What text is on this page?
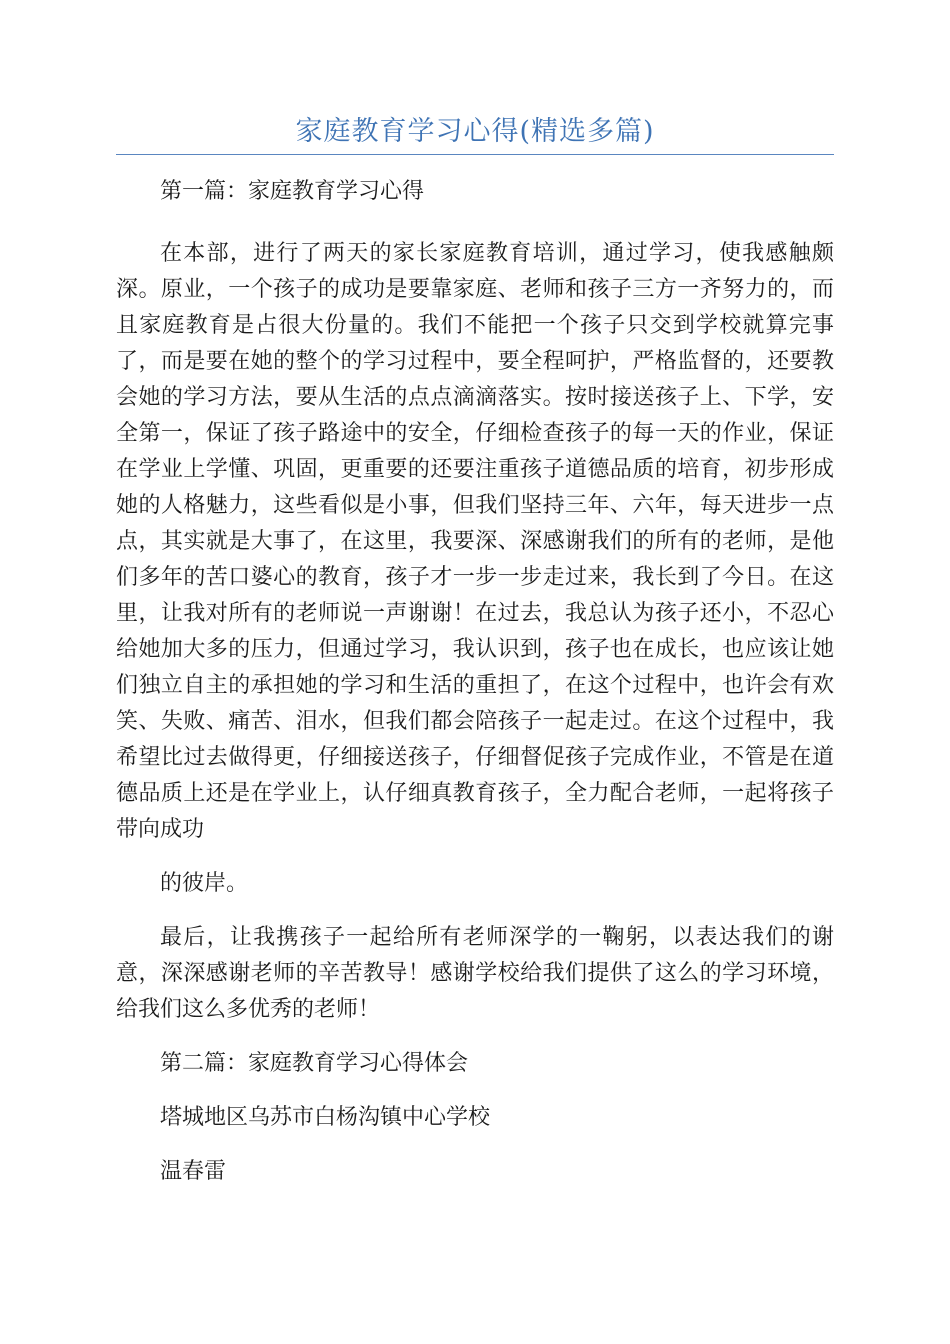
家庭教育学习心得(精选多篇)

第一篇：家庭教育学习心得

在本部，进行了两天的家长家庭教育培训，通过学习，使我感触颇深。原业，一个孩子的成功是要靠家庭、老师和孩子三方一齐努力的，而且家庭教育是占很大份量的。我们不能把一个孩子只交到学校就算完事了，而是要在她的整个的学习过程中，要全程呵护，严格监督的，还要教会她的学习方法，要从生活的点点滴滴落实。按时接送孩子上、下学，安全第一，保证了孩子路途中的安全，仔细检查孩子的每一天的作业，保证在学业上学懂、巩固，更重要的还要注重孩子道德品质的培育，初步形成她的人格魅力，这些看似是小事，但我们坚持三年、六年，每天进步一点点，其实就是大事了，在这里，我要深、深感谢我们的所有的老师，是他们多年的苦口婆心的教育，孩子才一步一步走过来，我长到了今日。在这里，让我对所有的老师说一声谢谢！在过去，我总认为孩子还小，不忍心给她加大多的压力，但通过学习，我认识到，孩子也在成长，也应该让她们独立自主的承担她的学习和生活的重担了，在这个过程中，也许会有欢笑、失败、痛苦、泪水，但我们都会陪孩子一起走过。在这个过程中，我希望比过去做得更，仔细接送孩子，仔细督促孩子完成作业，不管是在道德品质上还是在学业上，认仔细真教育孩子，全力配合老师，一起将孩子带向成功

的彼岸。

最后，让我携孩子一起给所有老师深学的一鞠躬，以表达我们的谢意，深深感谢老师的辛苦教导！感谢学校给我们提供了这么的学习环境，给我们这么多优秀的老师！

第二篇：家庭教育学习心得体会

塔城地区乌苏市白杨沟镇中心学校

温春雷
